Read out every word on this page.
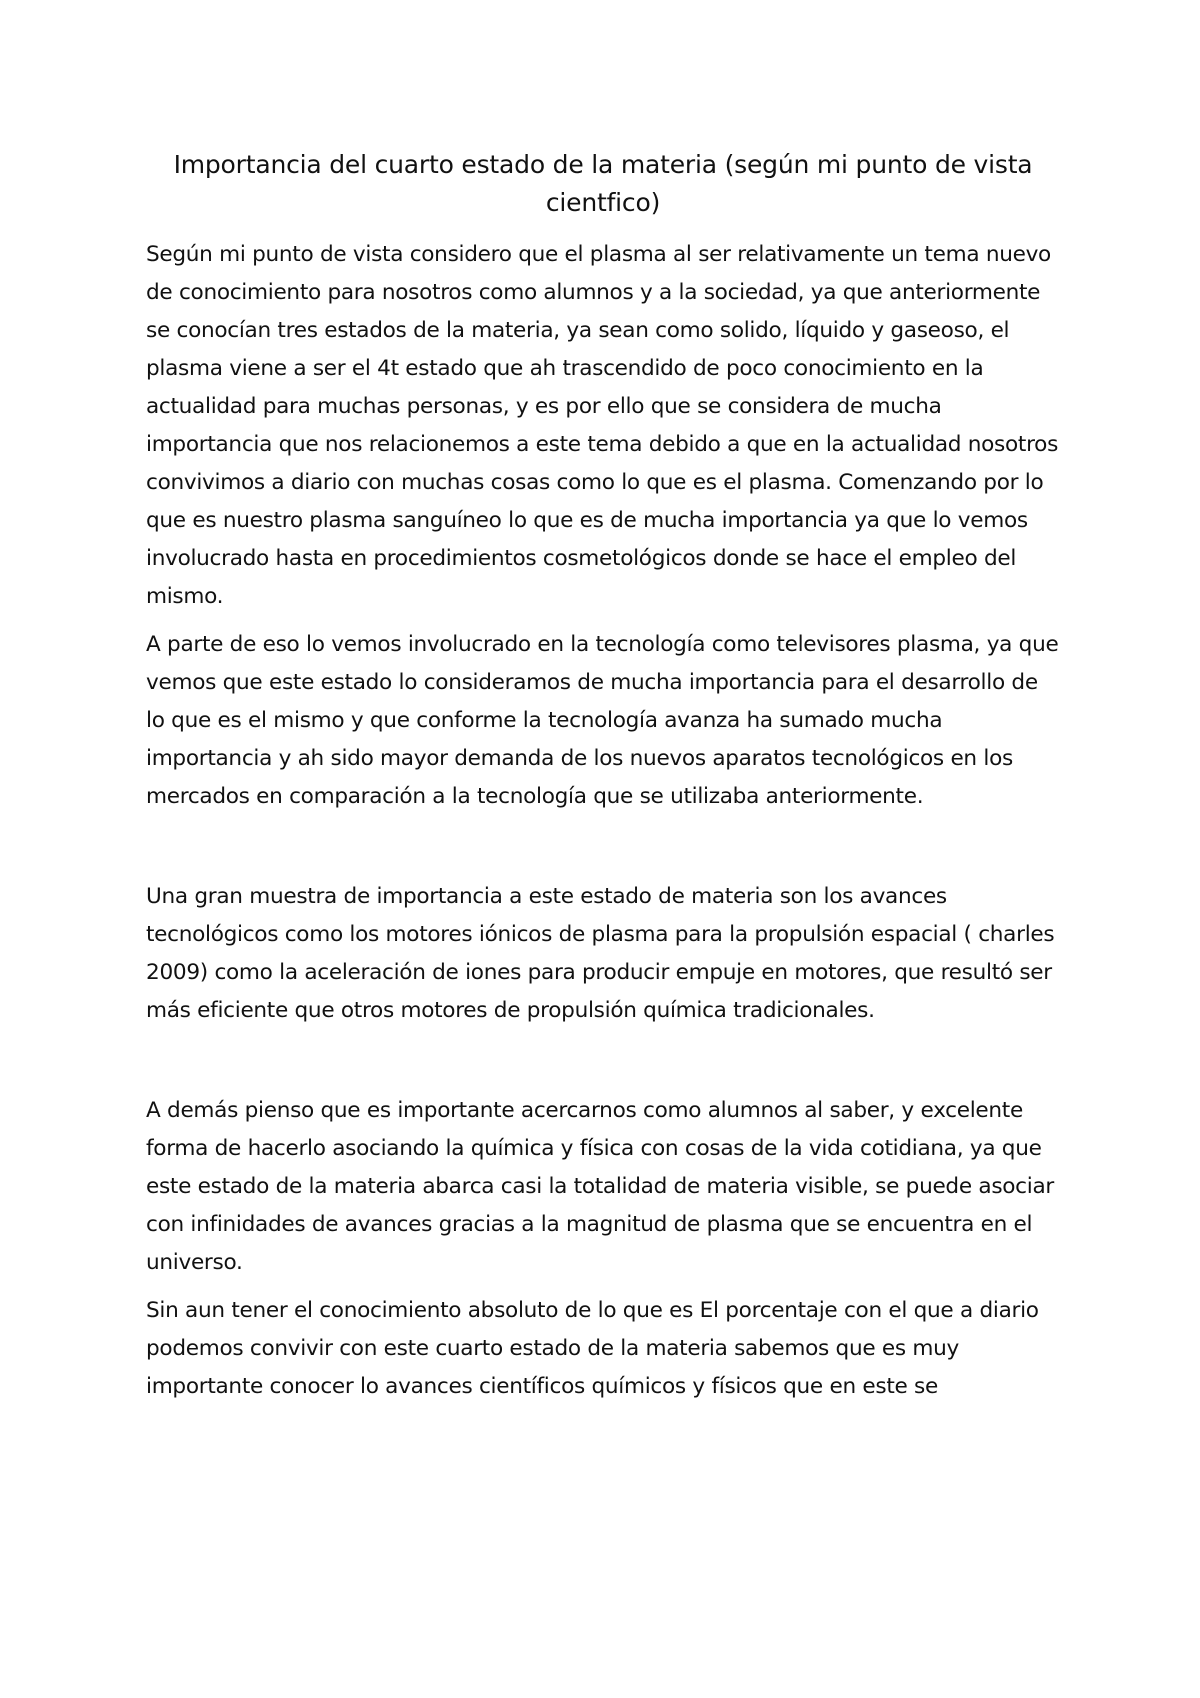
Importancia del cuarto estado de la materia (según mi punto de vista cientfico)

Según mi punto de vista considero que el plasma al ser relativamente un tema nuevo de conocimiento para nosotros como alumnos y a la sociedad, ya que anteriormente se conocían tres estados de la materia, ya sean como solido, líquido y gaseoso, el plasma viene a ser el 4t estado que ah trascendido de poco conocimiento en la actualidad para muchas personas, y es por ello que se considera de mucha importancia que nos relacionemos a este tema debido a que en la actualidad nosotros convivimos a diario con muchas cosas como lo que es el plasma. Comenzando por lo que es nuestro plasma sanguíneo lo que es de mucha importancia ya que lo vemos involucrado hasta en procedimientos cosmetológicos donde se hace el empleo del mismo.

A parte de eso lo vemos involucrado en la tecnología como televisores plasma, ya que vemos que este estado lo consideramos de mucha importancia para el desarrollo de lo que es el mismo y que conforme la tecnología avanza ha sumado mucha importancia y ah sido mayor demanda de los nuevos aparatos tecnológicos en los mercados en comparación a la tecnología que se utilizaba anteriormente.

Una gran muestra de importancia a este estado de materia son los avances tecnológicos como los motores iónicos de plasma para la propulsión espacial ( charles 2009) como la aceleración de iones para producir empuje en motores, que resultó ser más eficiente que otros motores de propulsión química tradicionales.

A demás pienso que es importante acercarnos como alumnos al saber, y excelente forma de hacerlo asociando la química y física con cosas de la vida cotidiana, ya que este estado de la materia abarca casi la totalidad de materia visible, se puede asociar con infinidades de avances gracias a la magnitud de plasma que se encuentra en el universo.

Sin aun tener el conocimiento absoluto de lo que es El porcentaje con el que a diario podemos convivir con este cuarto estado de la materia sabemos que es muy importante conocer lo avances científicos químicos y físicos que en este se
